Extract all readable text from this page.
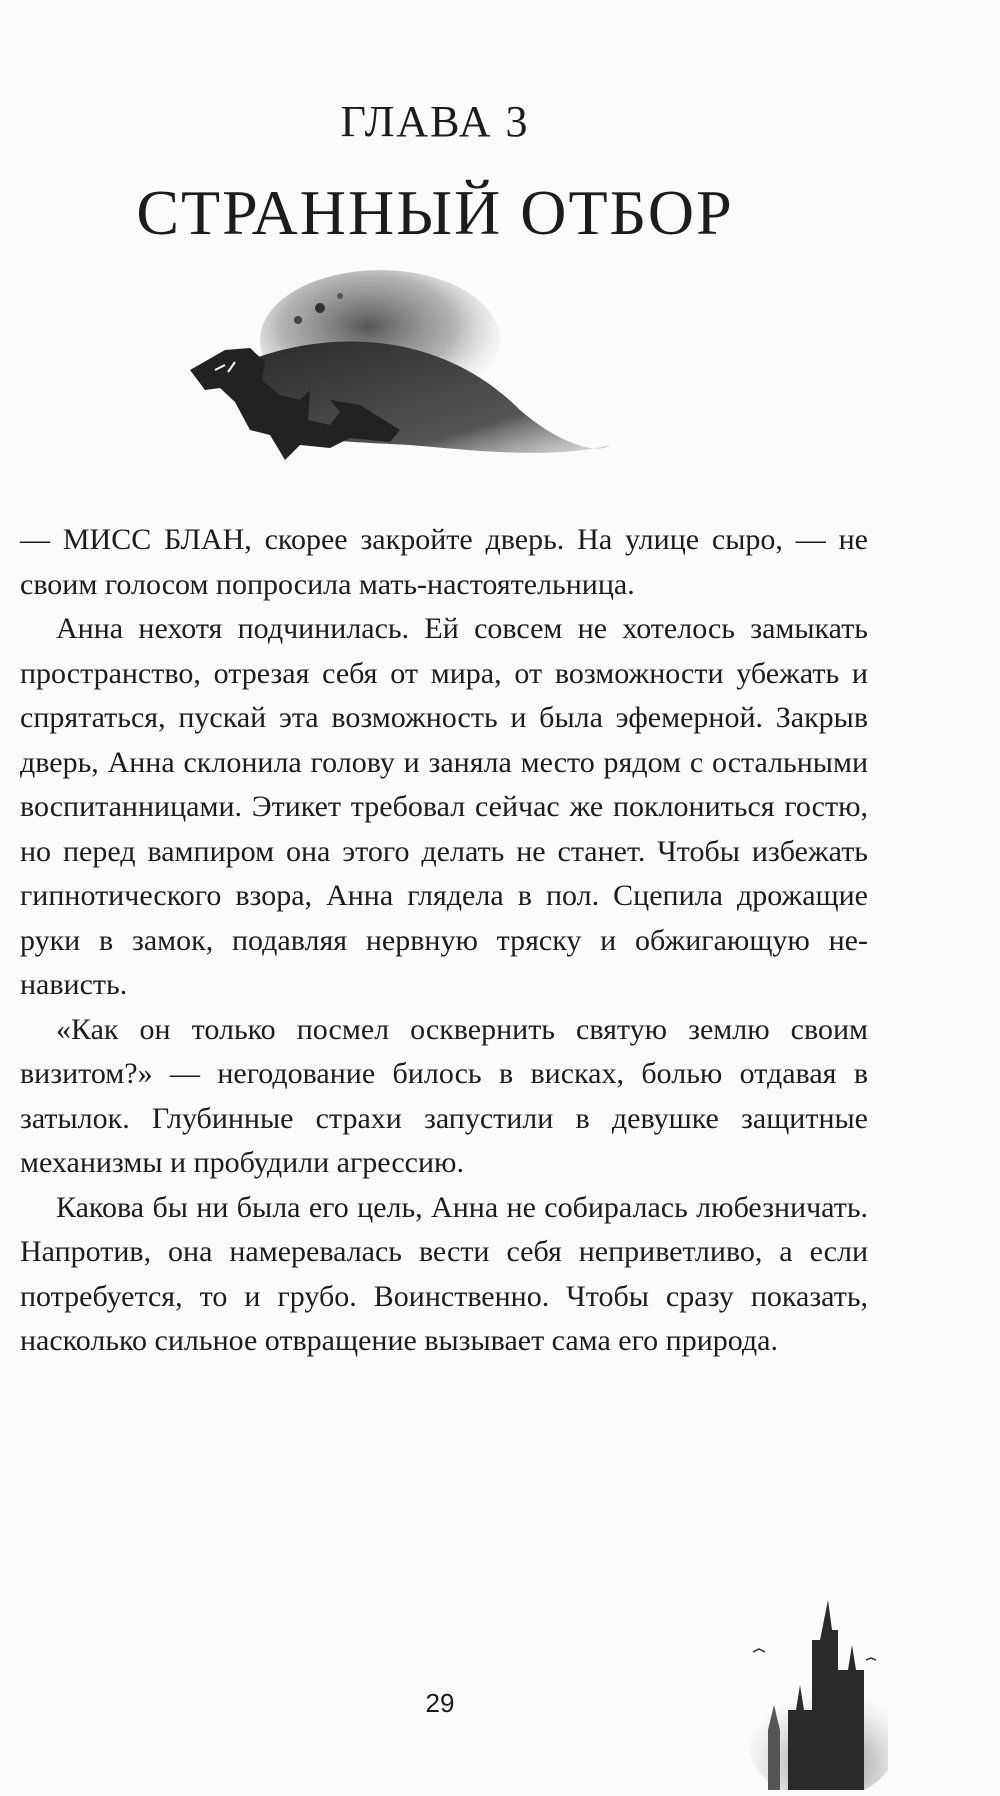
ГЛАВА 3
СТРАННЫЙ ОТБОР

— МИСС БЛАН, скорее закройте дверь. На улице сыро, — не своим голосом попросила мать-настоятельница.

Анна нехотя подчинилась. Ей совсем не хотелось замыкать пространство, отрезая себя от мира, от возможности убежать и спрятаться, пускай эта возможность и была эфемерной. Закрыв дверь, Анна склонила голову и заняла место рядом с остальными воспитанницами. Этикет требовал сейчас же поклониться гостю, но перед вампиром она этого делать не станет. Чтобы избежать гипнотического взора, Анна глядела в пол. Сцепила дрожащие руки в замок, подавляя нервную тряску и обжигающую ненависть.

«Как он только посмел осквернить святую землю своим визитом?» — негодование билось в висках, болью отдавая в затылок. Глубинные страхи запустили в девушке защитные механизмы и пробудили агрессию.

Какова бы ни была его цель, Анна не собиралась любезничать. Напротив, она намеревалась вести себя неприветливо, а если потребуется, то и грубо. Воинственно. Чтобы сразу показать, насколько сильное отвращение вызывает сама его природа.

29
